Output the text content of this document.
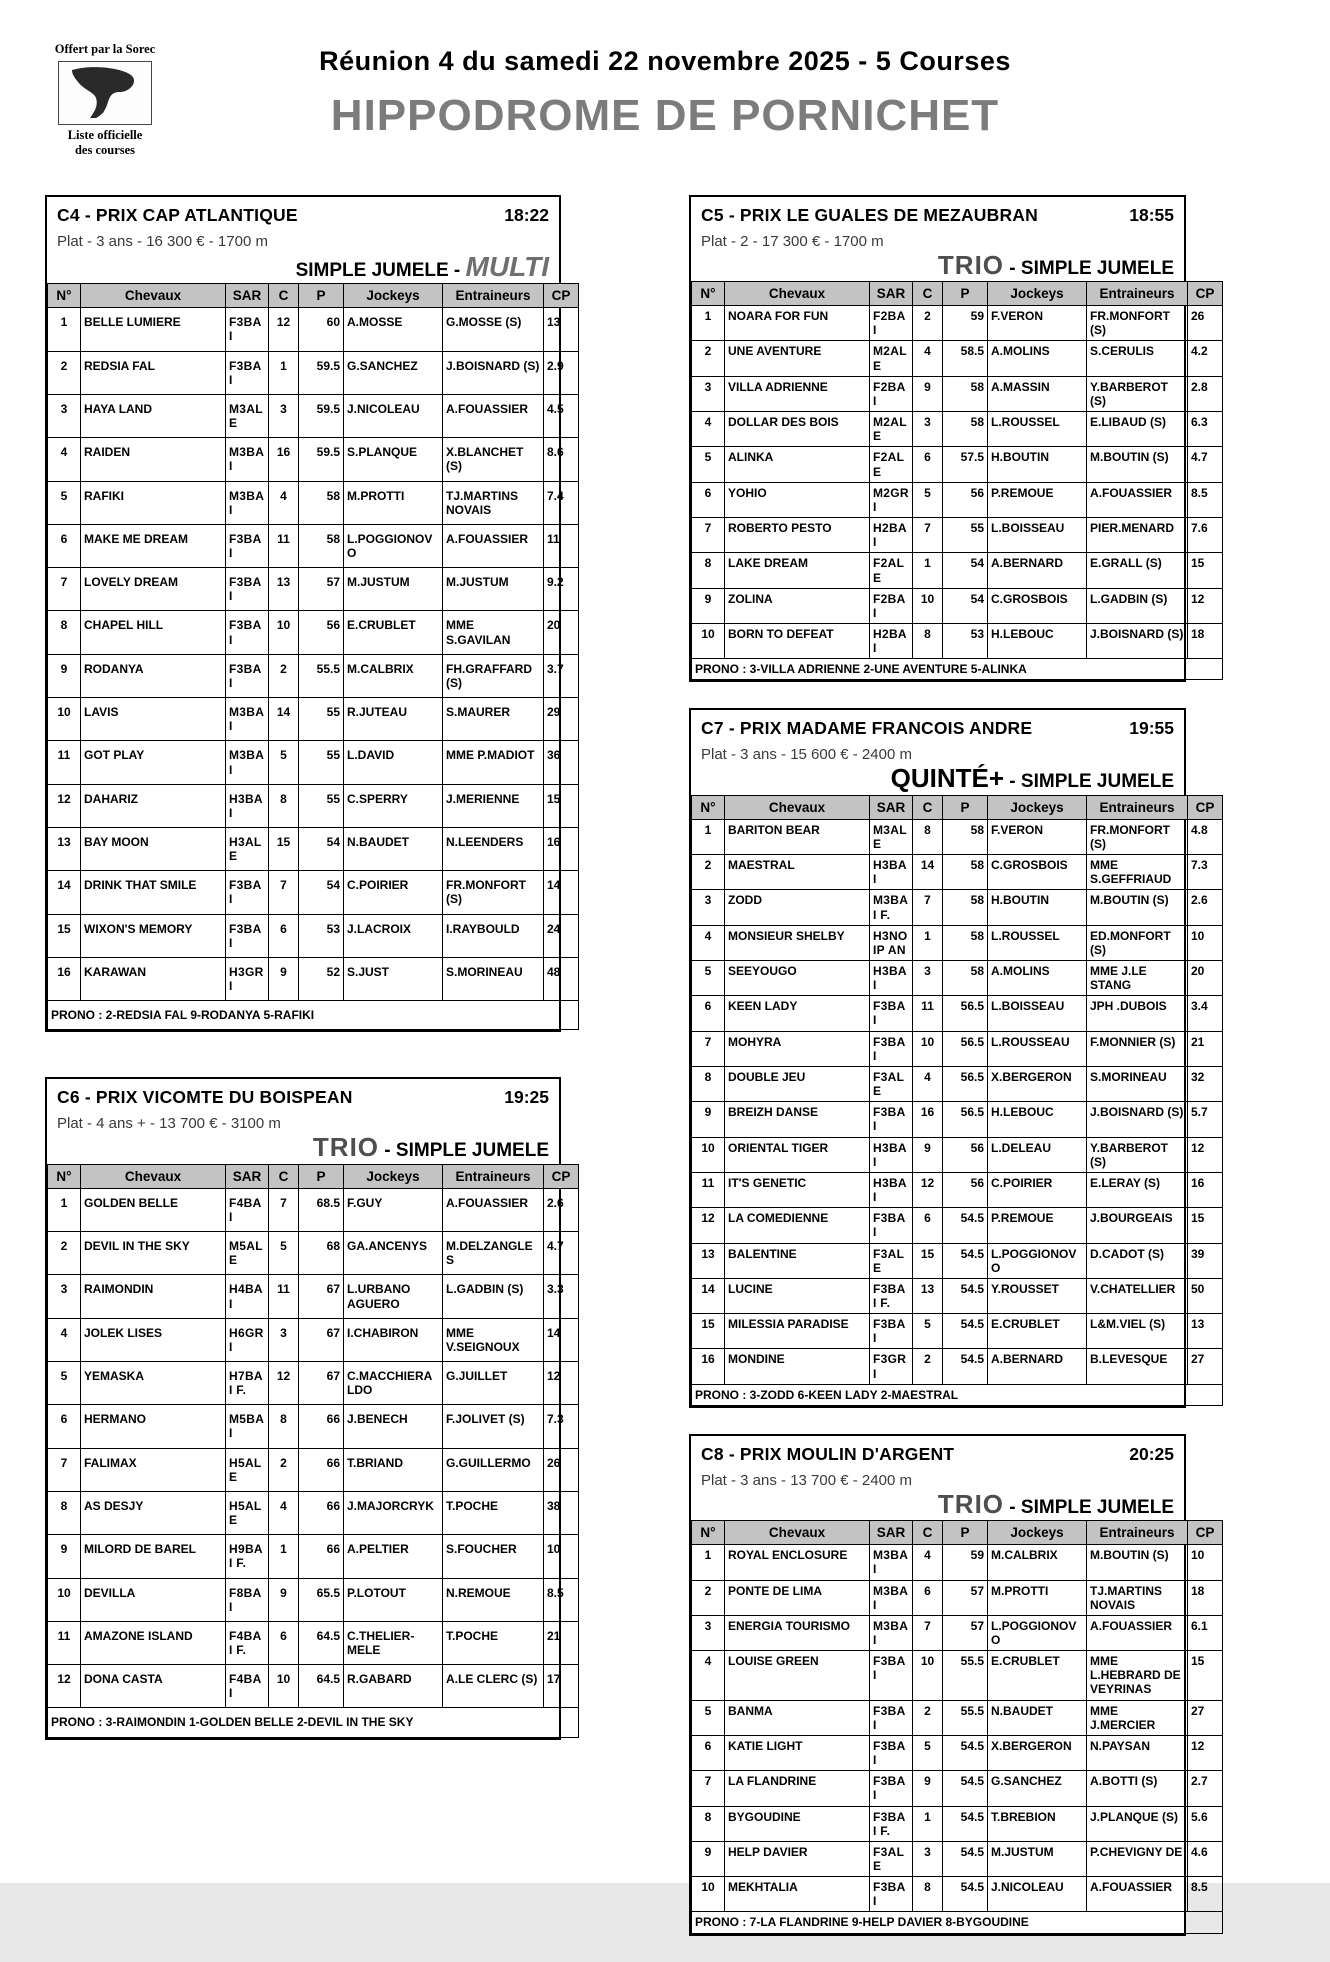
Offert par la Sorec
Liste officielle
des courses
Réunion 4 du samedi 22 novembre 2025 - 5 Courses
HIPPODROME DE PORNICHET
C4 - PRIX CAP ATLANTIQUE	18:22
Plat - 3 ans - 16 300 € - 1700 m
SIMPLE JUMELE - MULTI
N°	Chevaux	SAR	C	P	Jockeys	Entraineurs	CP
1	BELLE LUMIERE	F3BAI	12	60	A.MOSSE	G.MOSSE (S)	13
2	REDSIA FAL	F3BAI	1	59.5	G.SANCHEZ	J.BOISNARD (S)	2.9
3	HAYA LAND	M3ALE	3	59.5	J.NICOLEAU	A.FOUASSIER	4.5
4	RAIDEN	M3BAI	16	59.5	S.PLANQUE	X.BLANCHET (S)	8.6
5	RAFIKI	M3BAI	4	58	M.PROTTI	TJ.MARTINS NOVAIS	7.4
6	MAKE ME DREAM	F3BAI	11	58	L.POGGIONOVO	A.FOUASSIER	11
7	LOVELY DREAM	F3BAI	13	57	M.JUSTUM	M.JUSTUM	9.2
8	CHAPEL HILL	F3BAI	10	56	E.CRUBLET	MME S.GAVILAN	20
9	RODANYA	F3BAI	2	55.5	M.CALBRIX	FH.GRAFFARD (S)	3.7
10	LAVIS	M3BAI	14	55	R.JUTEAU	S.MAURER	29
11	GOT PLAY	M3BAI	5	55	L.DAVID	MME P.MADIOT	36
12	DAHARIZ	H3BAI	8	55	C.SPERRY	J.MERIENNE	15
13	BAY MOON	H3ALE	15	54	N.BAUDET	N.LEENDERS	16
14	DRINK THAT SMILE	F3BAI	7	54	C.POIRIER	FR.MONFORT (S)	14
15	WIXON'S MEMORY	F3BAI	6	53	J.LACROIX	I.RAYBOULD	24
16	KARAWAN	H3GRI	9	52	S.JUST	S.MORINEAU	48
PRONO : 2-REDSIA FAL 9-RODANYA 5-RAFIKI							
C6 - PRIX VICOMTE DU BOISPEAN	19:25
Plat - 4 ans + - 13 700 € - 3100 m
TRIO - SIMPLE JUMELE
N°	Chevaux	SAR	C	P	Jockeys	Entraineurs	CP
1	GOLDEN BELLE	F4BAI	7	68.5	F.GUY	A.FOUASSIER	2.6
2	DEVIL IN THE SKY	M5ALE	5	68	GA.ANCENYS	M.DELZANGLES	4.7
3	RAIMONDIN	H4BAI	11	67	L.URBANO AGUERO	L.GADBIN (S)	3.3
4	JOLEK LISES	H6GRI	3	67	I.CHABIRON	MME V.SEIGNOUX	14
5	YEMASKA	H7BAI F.	12	67	C.MACCHIERALDO	G.JUILLET	12
6	HERMANO	M5BAI	8	66	J.BENECH	F.JOLIVET (S)	7.3
7	FALIMAX	H5ALE	2	66	T.BRIAND	G.GUILLERMO	26
8	AS DESJY	H5ALE	4	66	J.MAJORCRYK	T.POCHE	38
9	MILORD DE BAREL	H9BAI F.	1	66	A.PELTIER	S.FOUCHER	10
10	DEVILLA	F8BAI	9	65.5	P.LOTOUT	N.REMOUE	8.5
11	AMAZONE ISLAND	F4BAI F.	6	64.5	C.THELIER-MELE	T.POCHE	21
12	DONA CASTA	F4BAI	10	64.5	R.GABARD	A.LE CLERC (S)	17
PRONO : 3-RAIMONDIN 1-GOLDEN BELLE 2-DEVIL IN THE SKY							
C5 - PRIX LE GUALES DE MEZAUBRAN	18:55
Plat - 2 - 17 300 € - 1700 m
TRIO - SIMPLE JUMELE
N°	Chevaux	SAR	C	P	Jockeys	Entraineurs	CP
1	NOARA FOR FUN	F2BAI	2	59	F.VERON	FR.MONFORT (S)	26
2	UNE AVENTURE	M2ALE	4	58.5	A.MOLINS	S.CERULIS	4.2
3	VILLA ADRIENNE	F2BAI	9	58	A.MASSIN	Y.BARBEROT (S)	2.8
4	DOLLAR DES BOIS	M2ALE	3	58	L.ROUSSEL	E.LIBAUD (S)	6.3
5	ALINKA	F2ALE	6	57.5	H.BOUTIN	M.BOUTIN (S)	4.7
6	YOHIO	M2GRI	5	56	P.REMOUE	A.FOUASSIER	8.5
7	ROBERTO PESTO	H2BAI	7	55	L.BOISSEAU	PIER.MENARD	7.6
8	LAKE DREAM	F2ALE	1	54	A.BERNARD	E.GRALL (S)	15
9	ZOLINA	F2BAI	10	54	C.GROSBOIS	L.GADBIN (S)	12
10	BORN TO DEFEAT	H2BAI	8	53	H.LEBOUC	J.BOISNARD (S)	18
PRONO : 3-VILLA ADRIENNE 2-UNE AVENTURE 5-ALINKA							
C7 - PRIX MADAME FRANCOIS ANDRE	19:55
Plat - 3 ans - 15 600 € - 2400 m
QUINTÉ+ - SIMPLE JUMELE
N°	Chevaux	SAR	C	P	Jockeys	Entraineurs	CP
1	BARITON BEAR	M3ALE	8	58	F.VERON	FR.MONFORT (S)	4.8
2	MAESTRAL	H3BAI	14	58	C.GROSBOIS	MME S.GEFFRIAUD	7.3
3	ZODD	M3BAI F.	7	58	H.BOUTIN	M.BOUTIN (S)	2.6
4	MONSIEUR SHELBY	H3NOIP AN	1	58	L.ROUSSEL	ED.MONFORT (S)	10
5	SEEYOUGO	H3BAI	3	58	A.MOLINS	MME J.LE STANG	20
6	KEEN LADY	F3BAI	11	56.5	L.BOISSEAU	JPH .DUBOIS	3.4
7	MOHYRA	F3BAI	10	56.5	L.ROUSSEAU	F.MONNIER (S)	21
8	DOUBLE JEU	F3ALE	4	56.5	X.BERGERON	S.MORINEAU	32
9	BREIZH DANSE	F3BAI	16	56.5	H.LEBOUC	J.BOISNARD (S)	5.7
10	ORIENTAL TIGER	H3BAI	9	56	L.DELEAU	Y.BARBEROT (S)	12
11	IT'S GENETIC	H3BAI	12	56	C.POIRIER	E.LERAY (S)	16
12	LA COMEDIENNE	F3BAI	6	54.5	P.REMOUE	J.BOURGEAIS	15
13	BALENTINE	F3ALE	15	54.5	L.POGGIONOVO	D.CADOT (S)	39
14	LUCINE	F3BAI F.	13	54.5	Y.ROUSSET	V.CHATELLIER	50
15	MILESSIA PARADISE	F3BAI	5	54.5	E.CRUBLET	L&M.VIEL (S)	13
16	MONDINE	F3GRI	2	54.5	A.BERNARD	B.LEVESQUE	27
PRONO : 3-ZODD 6-KEEN LADY 2-MAESTRAL							
C8 - PRIX MOULIN D'ARGENT	20:25
Plat - 3 ans - 13 700 € - 2400 m
TRIO - SIMPLE JUMELE
N°	Chevaux	SAR	C	P	Jockeys	Entraineurs	CP
1	ROYAL ENCLOSURE	M3BAI	4	59	M.CALBRIX	M.BOUTIN (S)	10
2	PONTE DE LIMA	M3BAI	6	57	M.PROTTI	TJ.MARTINS NOVAIS	18
3	ENERGIA TOURISMO	M3BAI	7	57	L.POGGIONOVO	A.FOUASSIER	6.1
4	LOUISE GREEN	F3BAI	10	55.5	E.CRUBLET	MME L.HEBRARD DE VEYRINAS	15
5	BANMA	F3BAI	2	55.5	N.BAUDET	MME J.MERCIER	27
6	KATIE LIGHT	F3BAI	5	54.5	X.BERGERON	N.PAYSAN	12
7	LA FLANDRINE	F3BAI	9	54.5	G.SANCHEZ	A.BOTTI (S)	2.7
8	BYGOUDINE	F3BAI F.	1	54.5	T.BREBION	J.PLANQUE (S)	5.6
9	HELP DAVIER	F3ALE	3	54.5	M.JUSTUM	P.CHEVIGNY DE	4.6
10	MEKHTALIA	F3BAI	8	54.5	J.NICOLEAU	A.FOUASSIER	8.5
PRONO : 7-LA FLANDRINE 9-HELP DAVIER 8-BYGOUDINE							
